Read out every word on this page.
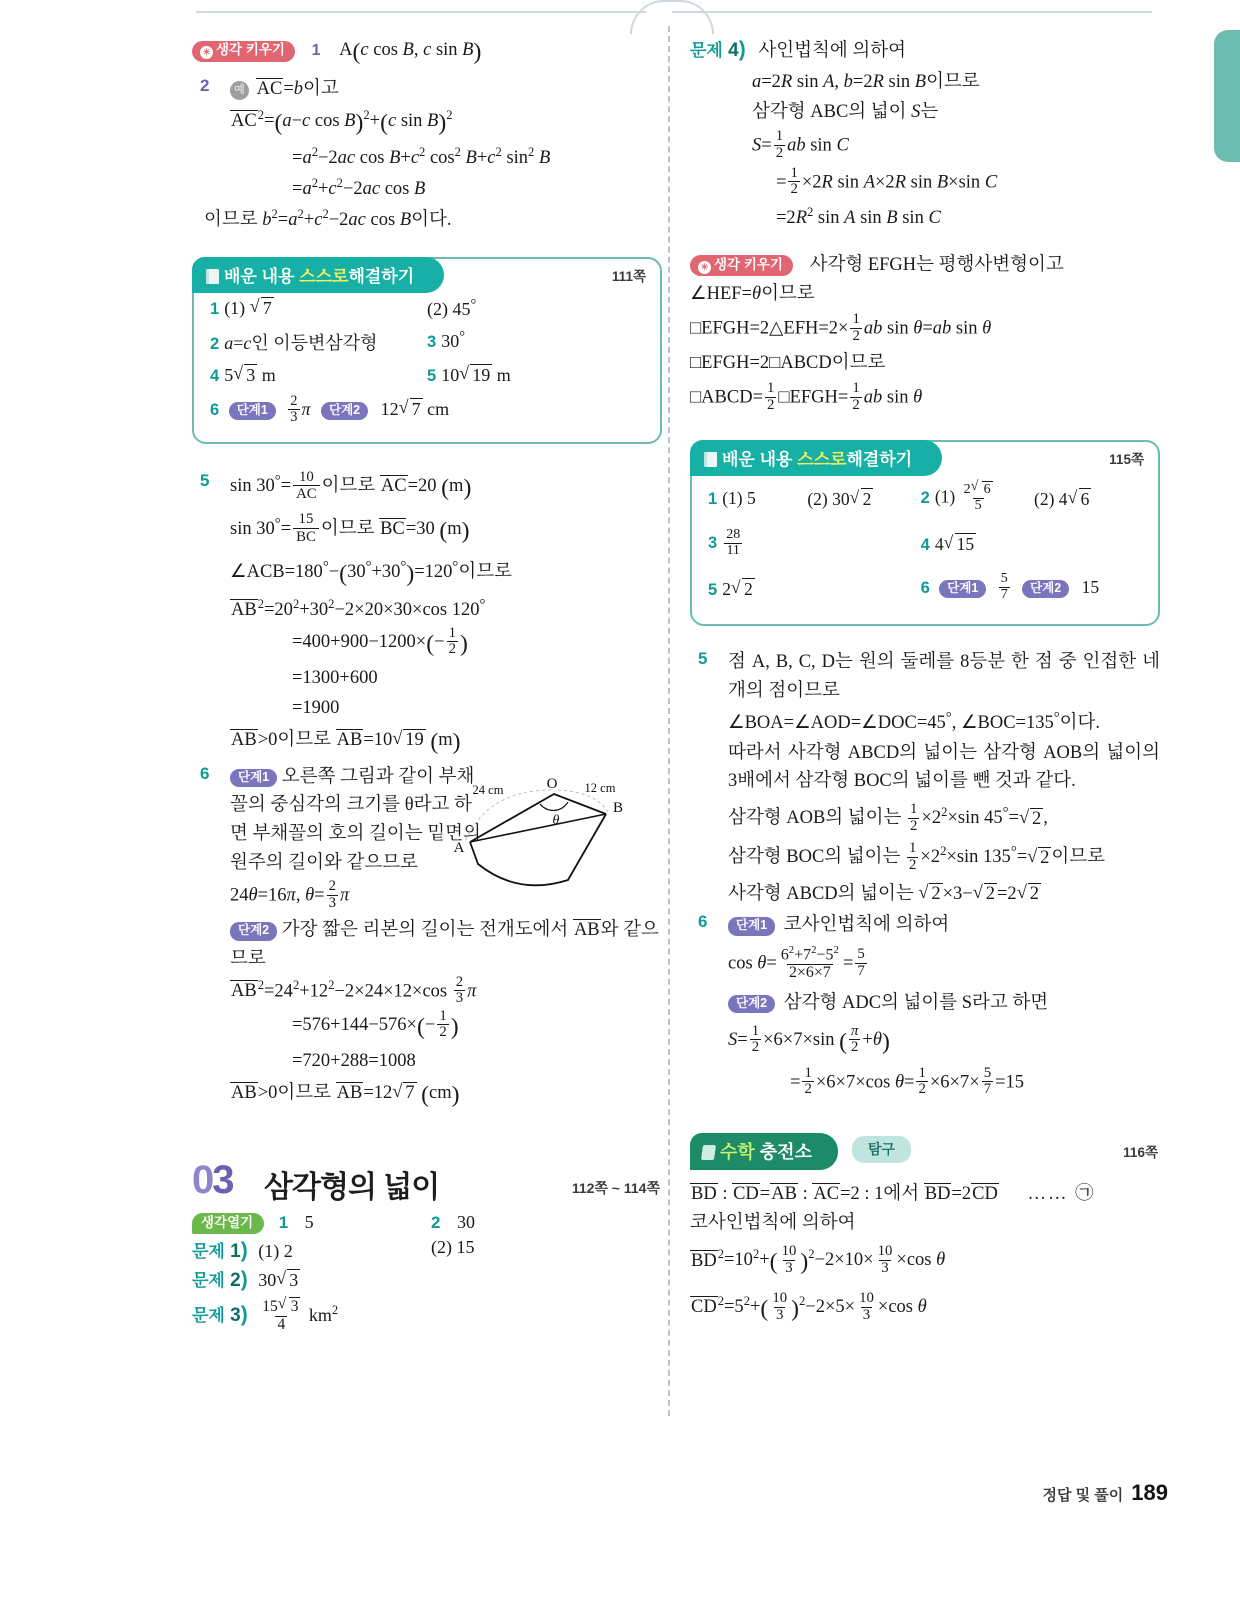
☀ 생각 키우기 1 A(c cos B, c sin B)
2	예 AC=b이고
$AC^2=(a-c$ cos B)$^2$+(c sin B)$^2$
$=a^2-2ac$ $\cos B+c^2$ $\cos^2 B+c^2$ $\sin^2 B$
$=a^2+c^2-2ac$ cos B
이므로 $b^2=a^2+c^2-2ac$ cos B이다.
배운 내용 스스로해결하기	111쪽
1 (1) √ 7	(2) 45°
2 a=c인 이등변삼각형	3 30°
4 5 √ 3 m	5 10 √ 19 m
6 단계$1 \frac{2}{3}$ π 단계2 12 √ 7 cm
5 $\sin 30^\circ= \frac{10}{AC}$ 이므로 AC=20 (m)
$\sin 30^\circ= \frac{15}{BC}$ 이므로 BC=30 (m)
∠ACB=180°−(30°+30°)=120°이므로
$AB^2=20^2+30^2-2\times 20\times 30\times\cos$ 120°
$=400+900-1200\times(- \frac{1}{2}$ )
=1300+600
=1900
AB>0이므로 AB=10 √ 19 (m)
6	단계1 오른쪽 그림과 같이 부채꼴의 중심각의 크기를 θ라고 하면 부채꼴의 호의 길이는 밑면의 원주의 길이와 같으므로
24θ=16π, $\theta= \frac{2}{3}$ π
단계2 가장 짧은 리본의 길이는 전개도에서 AB와 같으므로
$AB^2=24^2+12^2-2\times 24\times 12\times\cos \frac{2}{3}$ π
$=576+144-576\times(- \frac{1}{2}$ )
=720+288=1008
AB>0이므로 AB=12 √ 7 (cm)
03 삼각형의 넓이	112쪽 ~ 114쪽
생각열기 1 5	2 30
문제 1) (1) 2	(2) 15
문제 2) 30 √ 3
문제 $3) \frac{15 √ 3}{4} km^2$
O
A
B
24 cm	12 cm
θ
문제 4) 사인법칙에 의하여
a=2R sin A, b=2R sin B이므로
삼각형 ABC의 넓이 S는
$S= \frac{1}{2}$ ab sin C
= $\frac{1}{2} \times 2R$ sin A×2R sin B×sin C
$=2R^2$ sin A sin B sin C
☀ 생각 키우기 사각형 EFGH는 평행사변형이고
∠HEF=θ이므로
□EFGH=2△EFH=2× $\frac{1}{2}$ ab sin θ=ab sin θ
□EFGH=2□ABCD이므로
□ABCD= $\frac{1}{2}$ □EFGH= $\frac{1}{2}$ ab sin θ
배운 내용 스스로해결하기	115쪽
1 (1) 5	(2) 30 √ 2	2 $(1) \frac{2 √ 6}{5} (2)$ 4 √ 6
$3 \frac{28}{11}$	4 4 √ 15
5 2 √ 2	6 단계$1 \frac{5}{7}$ 단계2 15
5 점 A, B, C, D는 원의 둘레를 8등분 한 점 중 인접한 네 개의 점이므로
∠BOA=∠AOD=∠DOC=45°, ∠BOC=135°이다.
따라서 사각형 ABCD의 넓이는 삼각형 AOB의 넓이의 3배에서 삼각형 BOC의 넓이를 뺀 것과 같다.
삼각형 AOB의 넓이는 $\frac{1}{2} \times 2^2\times\sin$ 45°= √ 2 ,
삼각형 BOC의 넓이는 $\frac{1}{2} \times 2^2\times\sin$ 135°= √ 2 이므로
사각형 ABCD의 넓이는 √ 2 ×3− √ 2 =2 √ 2
6	단계1 코사인법칙에 의하여
$\cos \theta= \frac{6^2+7^2-5^2}{2\times 6\times 7} = \frac{5}{7}$
단계2 삼각형 ADC의 넓이를 S라고 하면
$S= \frac{1}{2} \times 6\times 7\times\sin$ ( $\frac{\pi}{2} +\theta$)
= $\frac{1}{2} \times 6\times 7\times\cos$ $\theta= \frac{1}{2} \times 6\times 7\times \frac{5}{7} =15$
수학 충전소	탐구	116쪽
BD : CD=AB : AC=2 : 1에서 BD=2CD …… ㉠
코사인법칙에 의하여
$BD^2=10^2+( \frac{10}{3} )^2-2\times 10\times \frac{10}{3} \times\cos$ θ
$CD^2=5^2+( \frac{10}{3} )^2-2\times 5\times \frac{10}{3} \times\cos$ θ
정답 및 풀이 189
